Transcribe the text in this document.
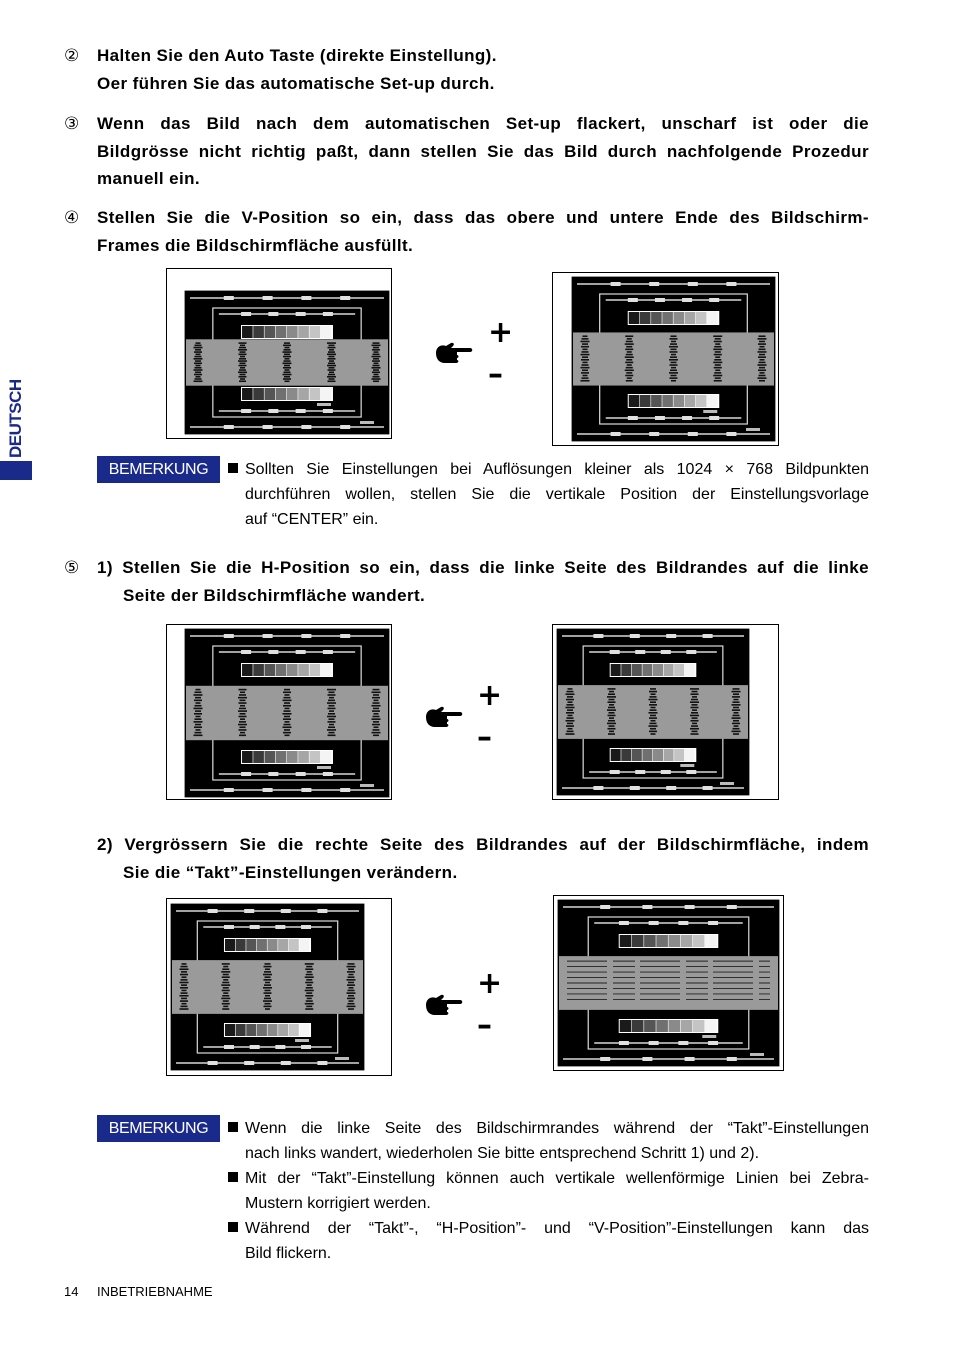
② Halten Sie den Auto Taste (direkte Einstellung).
Oer führen Sie das automatische Set-up durch.
③ Wenn das Bild nach dem automatischen Set-up flackert, unscharf ist oder die
Bildgrösse nicht richtig paßt, dann stellen Sie das Bild durch nachfolgende Prozedur
manuell ein.
④ Stellen Sie die V-Position so ein, dass das obere und untere Ende des Bildschirm-
Frames die Bildschirmfläche ausfüllt.
DEUTSCH
+
–
BEMERKUNG	Sollten Sie Einstellungen bei Auflösungen kleiner als 1024 × 768 Bildpunkten
durchführen wollen, stellen Sie die vertikale Position der Einstellungsvorlage
auf “CENTER” ein.
⑤ 1) Stellen Sie die H-Position so ein, dass die linke Seite des Bildrandes auf die linke
Seite der Bildschirmfläche wandert.
+
–
2) Vergrössern Sie die rechte Seite des Bildrandes auf der Bildschirmfläche, indem
Sie die “Takt”-Einstellungen verändern.
+
–
BEMERKUNG	Wenn die linke Seite des Bildschirmrandes während der “Takt”-Einstellungen
nach links wandert, wiederholen Sie bitte entsprechend Schritt 1) und 2).
Mit der “Takt”-Einstellung können auch vertikale wellenförmige Linien bei Zebra-
Mustern korrigiert werden.
Während der “Takt”-, “H-Position”- und “V-Position”-Einstellungen kann das
Bild flickern.
14 INBETRIEBNAHME
